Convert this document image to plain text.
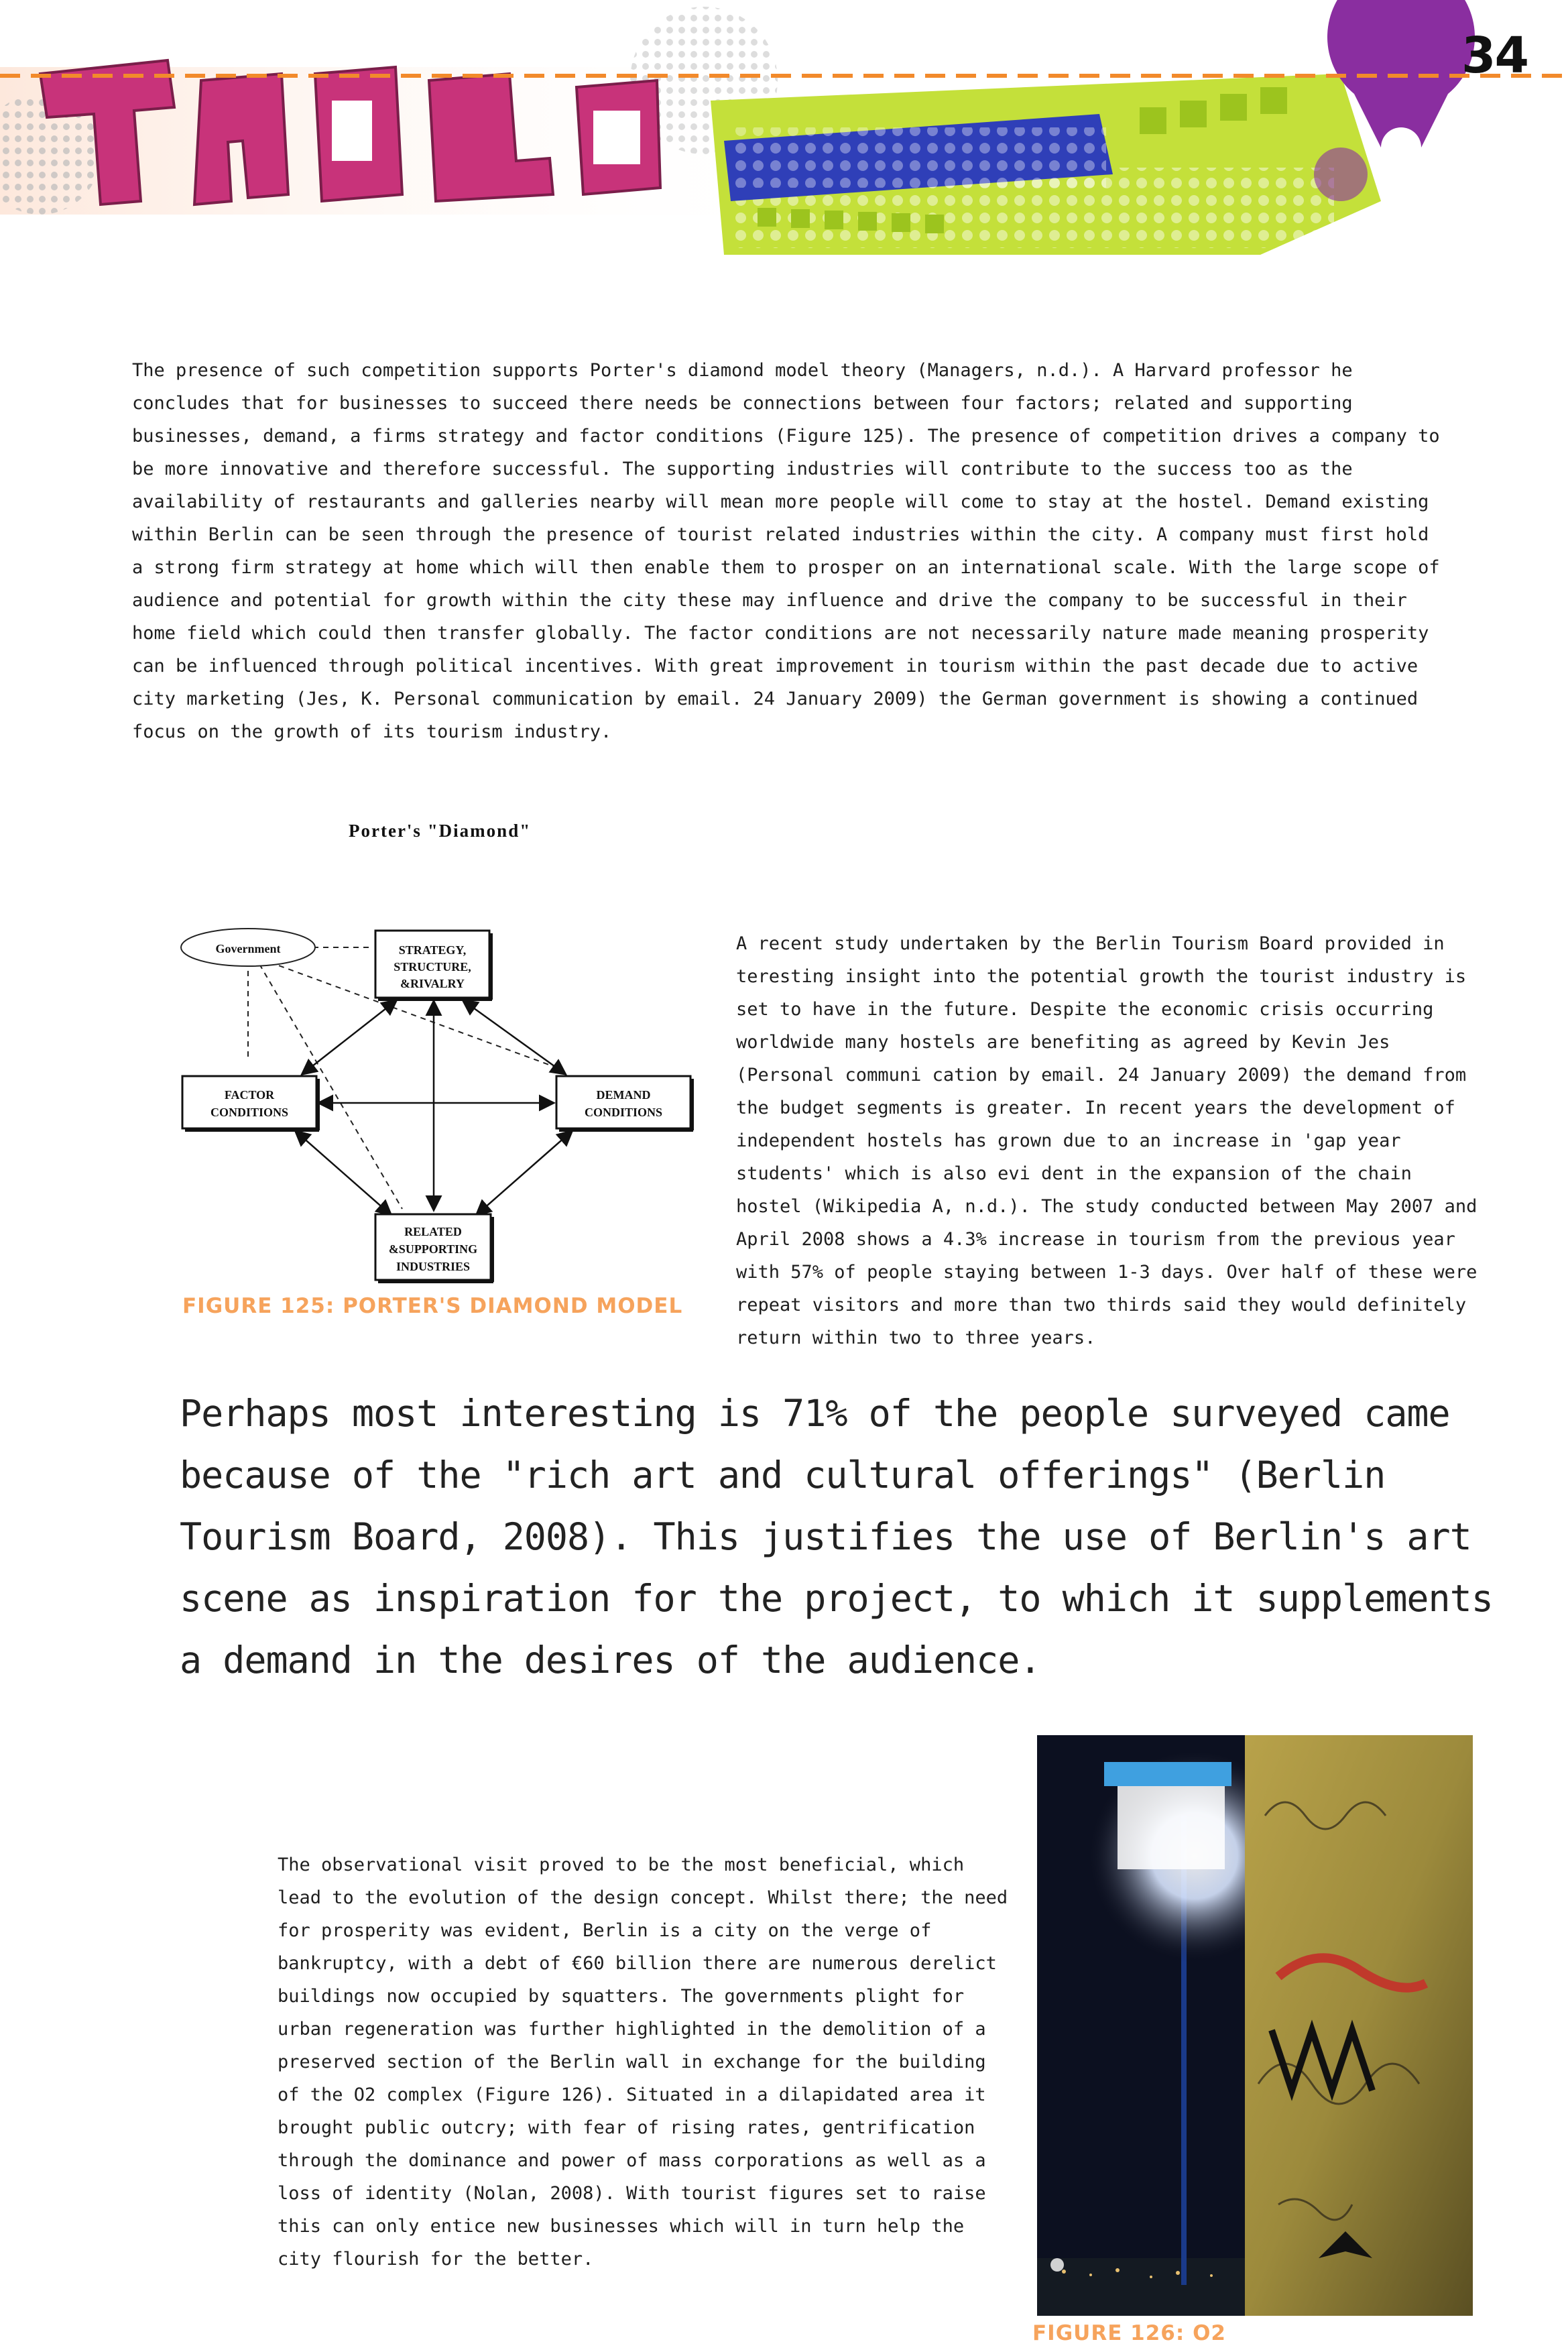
34

The presence of such competition supports Porter's diamond model theory (Managers, n.d.). A Harvard professor he concludes that for businesses to succeed there needs be connections between four factors; related and supporting businesses, demand, a firms strategy and factor conditions (Figure 125). The presence of competition drives a company to be more innovative and therefore successful. The supporting industries will contribute to the success too as the availability of restaurants and galleries nearby will mean more people will come to stay at the hostel. Demand existing within Berlin can be seen through the presence of tourist related industries within the city. A company must first hold a strong firm strategy at home which will then enable them to prosper on an international scale. With the large scope of audience and potential for growth within the city these may influence and drive the company to be successful in their home field which could then transfer globally. The factor conditions are not necessarily nature made meaning prosperity can be influenced through political incentives. With great improvement in tourism within the past decade due to active city marketing (Jes, K. Personal communication by email. 24 January 2009) the German government is showing a continued focus on the growth of its tourism industry.

Porter's "Diamond"
Government	STRATEGY,
STRUCTURE,
&RIVALRY
FACTOR
CONDITIONS
DEMAND
CONDITIONS
RELATED
&SUPPORTING
INDUSTRIES
FIGURE 125: PORTER'S DIAMOND MODEL

A recent study undertaken by the Berlin Tourism Board provided in teresting insight into the potential growth the tourist industry is set to have in the future. Despite the economic crisis occurring worldwide many hostels are benefiting as agreed by Kevin Jes (Personal communi cation by email. 24 January 2009) the demand from the budget segments is greater. In recent years the development of independent hostels has grown due to an increase in 'gap year students' which is also evi dent in the expansion of the chain hostel (Wikipedia A, n.d.). The study conducted between May 2007 and April 2008 shows a 4.3% increase in tourism from the previous year with 57% of people staying between 1-3 days. Over half of these were repeat visitors and more than two thirds said they would definitely return within two to three years.

Perhaps most interesting is 71% of the people surveyed came because of the "rich art and cultural offerings" (Berlin Tourism Board, 2008). This justifies the use of Berlin's art scene as inspiration for the project, to which it supplements a demand in the desires of the audience.

The observational visit proved to be the most beneficial, which lead to the evolution of the design concept. Whilst there; the need for prosperity was evident, Berlin is a city on the verge of bankruptcy, with a debt of €60 billion there are numerous derelict buildings now occupied by squatters. The governments plight for urban regeneration was further highlighted in the demolition of a preserved section of the Berlin wall in exchange for the building of the O2 complex (Figure 126). Situated in a dilapidated area it brought public outcry; with fear of rising rates, gentrification through the dominance and power of mass corporations as well as a loss of identity (Nolan, 2008). With tourist figures set to raise this can only entice new businesses which will in turn help the city flourish for the better.

FIGURE 126: O2
